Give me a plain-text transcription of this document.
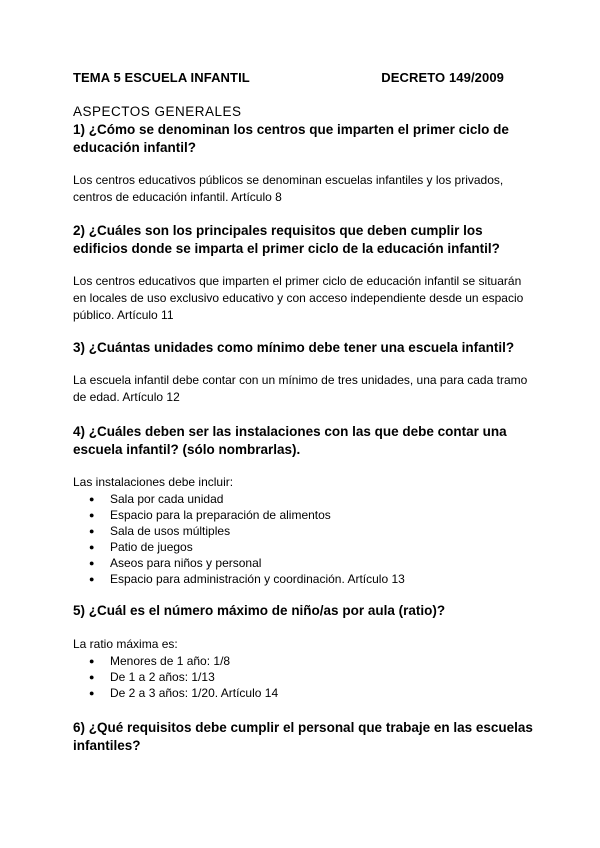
TEMA 5 ESCUELA INFANTIL	DECRETO 149/2009
ASPECTOS GENERALES

1) ¿Cómo se denominan los centros que imparten el primer ciclo de educación infantil?

Los centros educativos públicos se denominan escuelas infantiles y los privados, centros de educación infantil. Artículo 8

2) ¿Cuáles son los principales requisitos que deben cumplir los edificios donde se imparta el primer ciclo de la educación infantil?

Los centros educativos que imparten el primer ciclo de educación infantil se situarán en locales de uso exclusivo educativo y con acceso independiente desde un espacio público. Artículo 11

3) ¿Cuántas unidades como mínimo debe tener una escuela infantil?

La escuela infantil debe contar con un mínimo de tres unidades, una para cada tramo de edad. Artículo 12

4) ¿Cuáles deben ser las instalaciones con las que debe contar una escuela infantil? (sólo nombrarlas).

Las instalaciones debe incluir:

● Sala por cada unidad
● Espacio para la preparación de alimentos
● Sala de usos múltiples
● Patio de juegos
● Aseos para niños y personal
● Espacio para administración y coordinación. Artículo 13

5) ¿Cuál es el número máximo de niño/as por aula (ratio)?

La ratio máxima es:

● Menores de 1 año: 1/8
● De 1 a 2 años: 1/13
● De 2 a 3 años: 1/20. Artículo 14

6) ¿Qué requisitos debe cumplir el personal que trabaje en las escuelas infantiles?
